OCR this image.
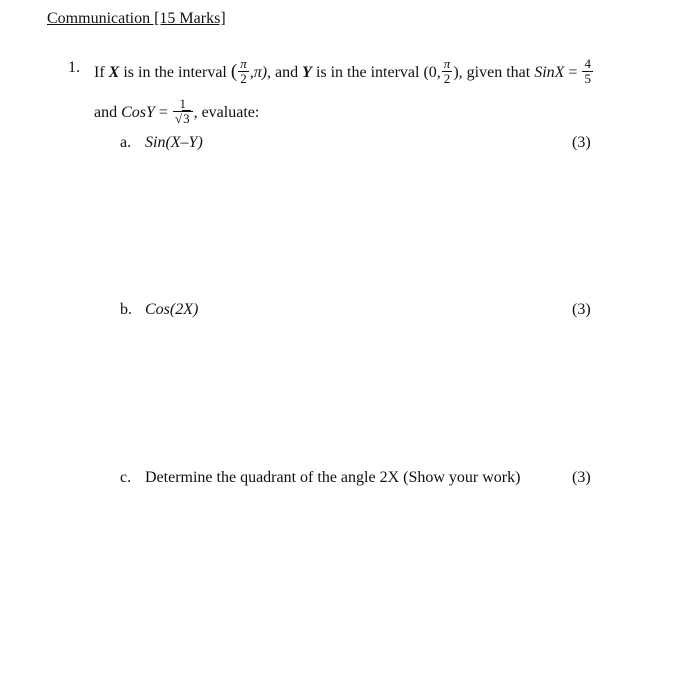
Communication [15 Marks]
1. If X is in the interval ( $\frac{\pi}{2} ,\pi$), and Y is in the interval (0, $\frac{\pi}{2}$ ), given that SinX = $\frac{4}{5}$
and CosY = $\frac{1}{√3}$ , evaluate:
a. Sin(X–Y)	(3)
b. Cos(2X)	(3)
c. Determine the quadrant of the angle 2X (Show your work)	(3)
